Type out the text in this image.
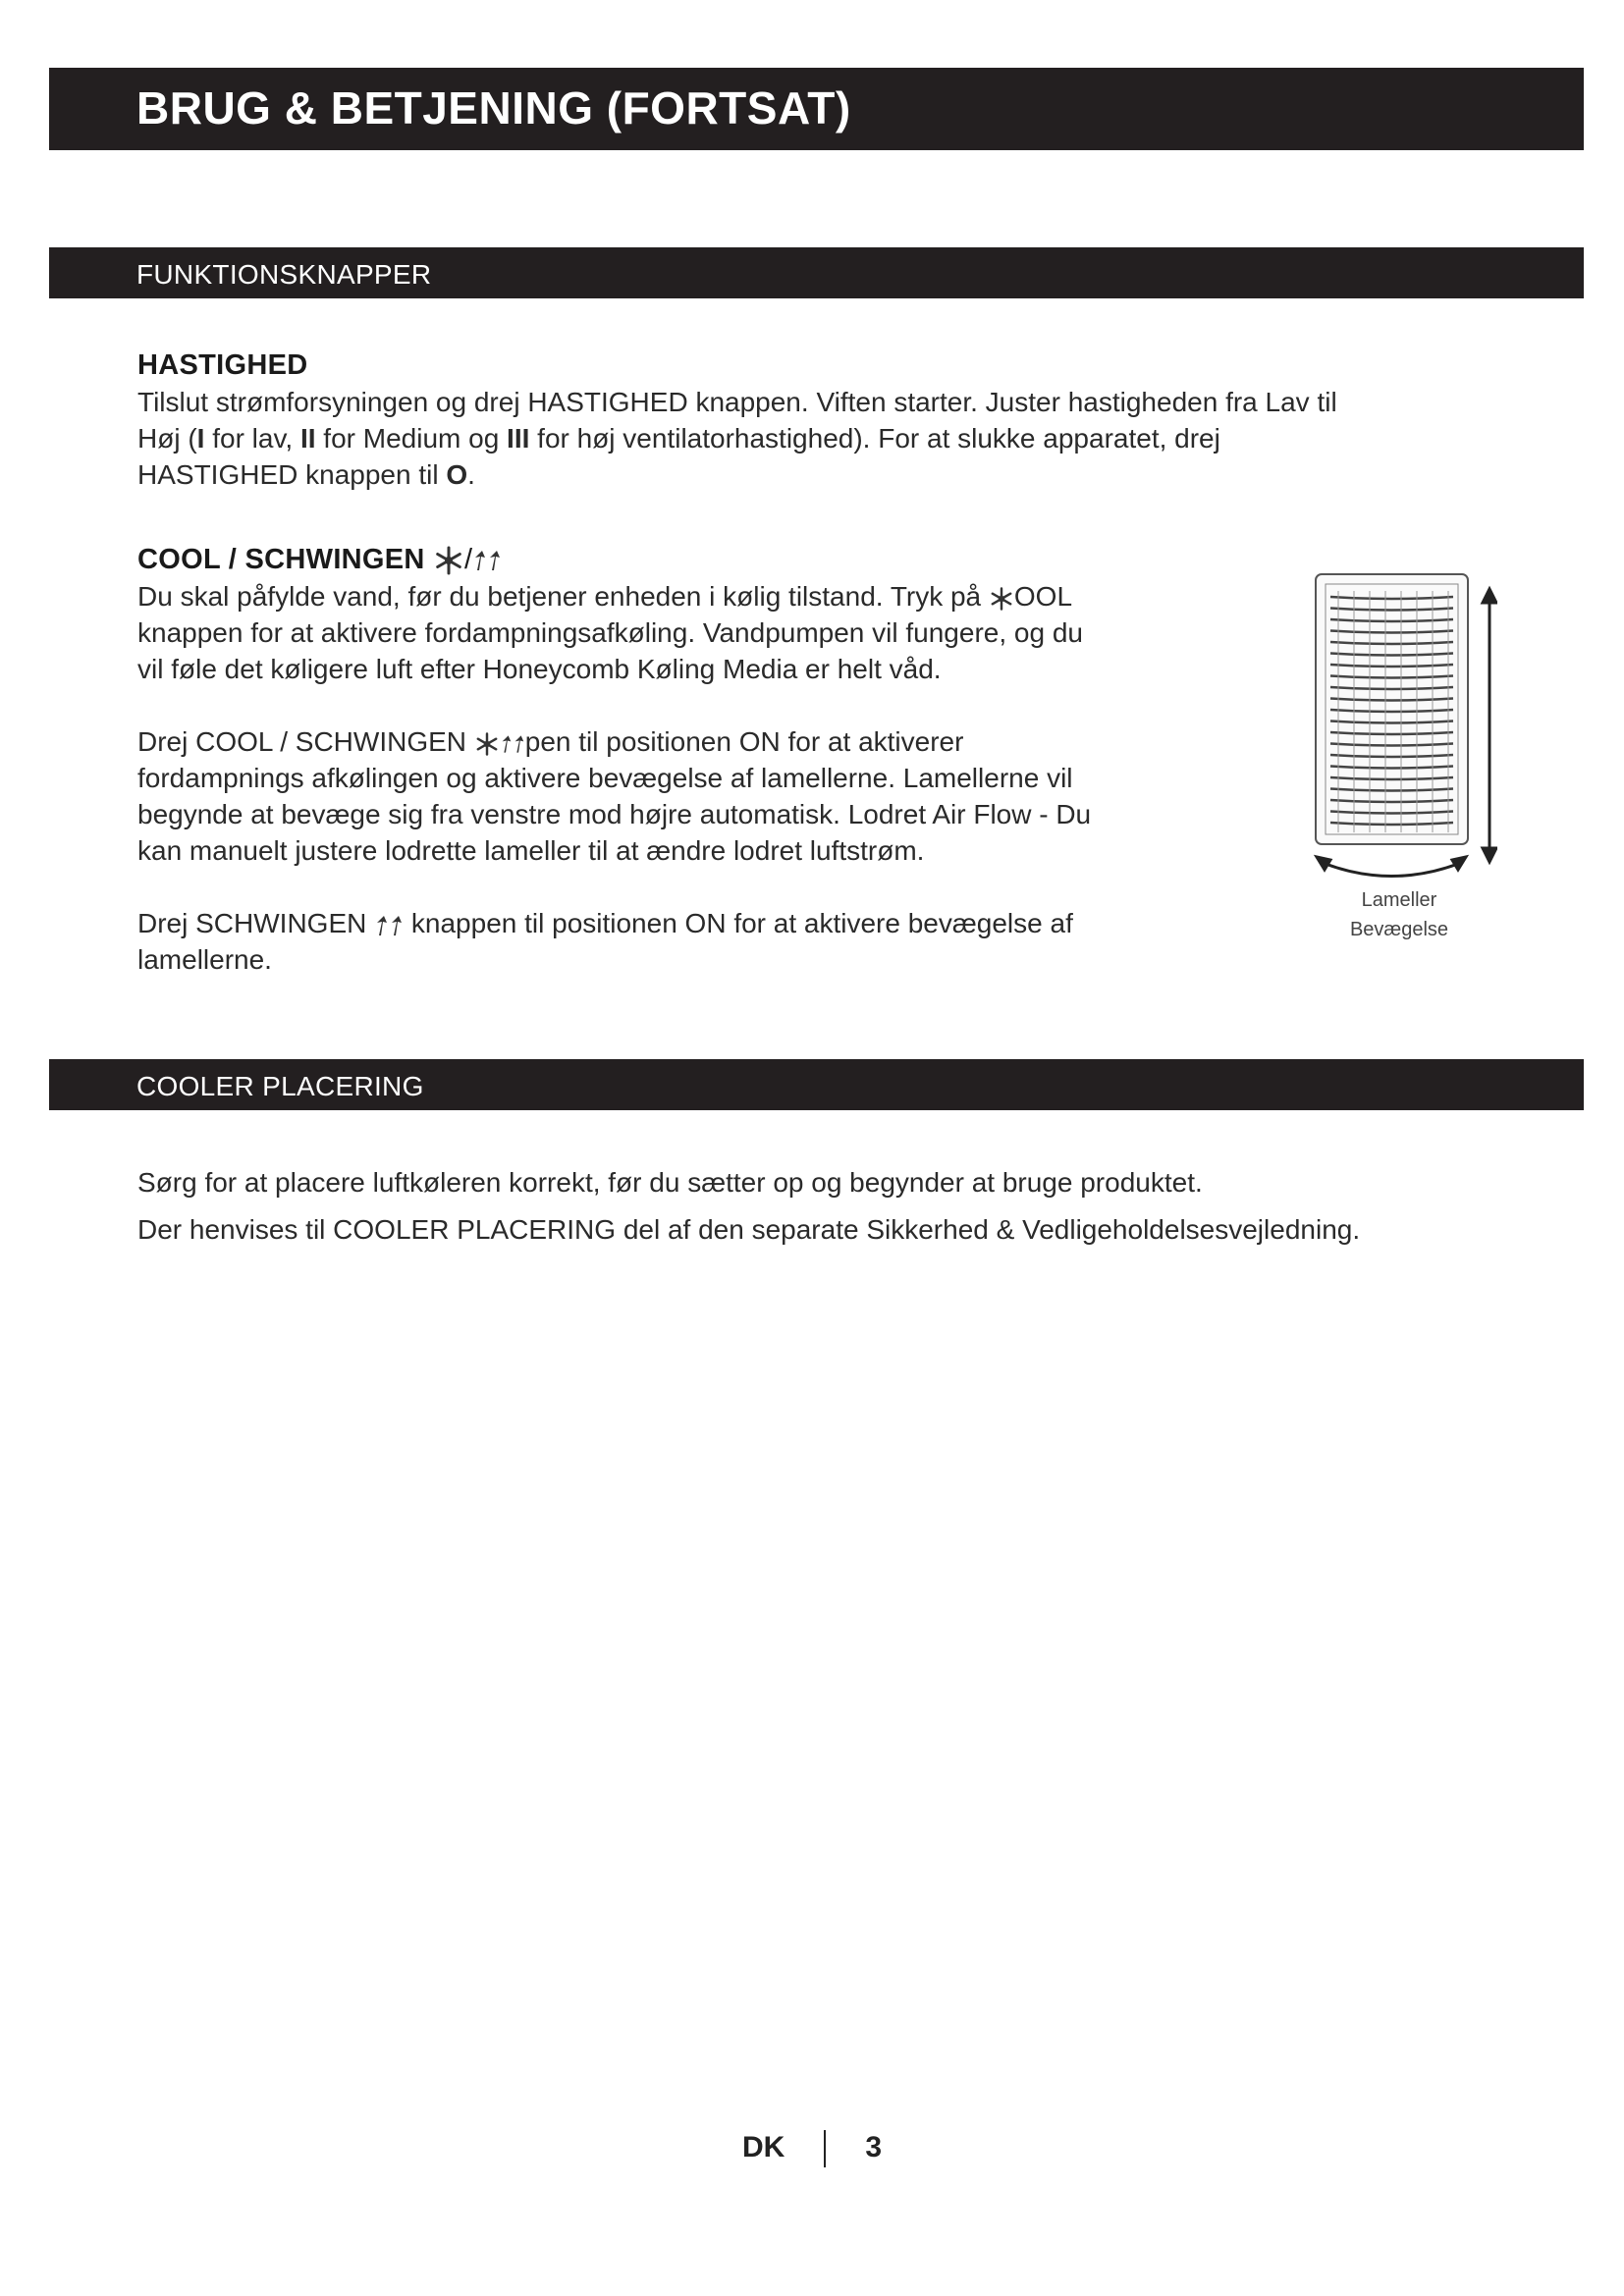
BRUG & BETJENING (FORTSAT)
FUNKTIONSKNAPPER

HASTIGHED

Tilslut strømforsyningen og drej HASTIGHED knappen. Viften starter. Juster hastigheden fra Lav til

Høj (I for lav, II for Medium og III for høj ventilatorhastighed). For at slukke apparatet, drej

HASTIGHED knappen til O.

COOL / SCHWINGEN /

Du skal påfylde vand, før du betjener enheden i kølig tilstand. Tryk på OOL

knappen for at aktivere fordampningsafkøling. Vandpumpen vil fungere, og du

vil føle det køligere luft efter Honeycomb Køling Media er helt våd.

Drej COOL / SCHWINGEN pen til positionen ON for at aktiverer

fordampnings afkølingen og aktivere bevægelse af lamellerne. Lamellerne vil

begynde at bevæge sig fra venstre mod højre automatisk. Lodret Air Flow - Du

kan manuelt justere lodrette lameller til at ændre lodret luftstrøm.

Drej SCHWINGEN  knappen til positionen ON for at aktivere bevægelse af

lamellerne.

Lameller
Bevægelse
COOLER PLACERING

Sørg for at placere luftkøleren korrekt, før du sætter op og begynder at bruge produktet.

Der henvises til COOLER PLACERING del af den separate Sikkerhed & Vedligeholdelsesvejledning.

DK	3
